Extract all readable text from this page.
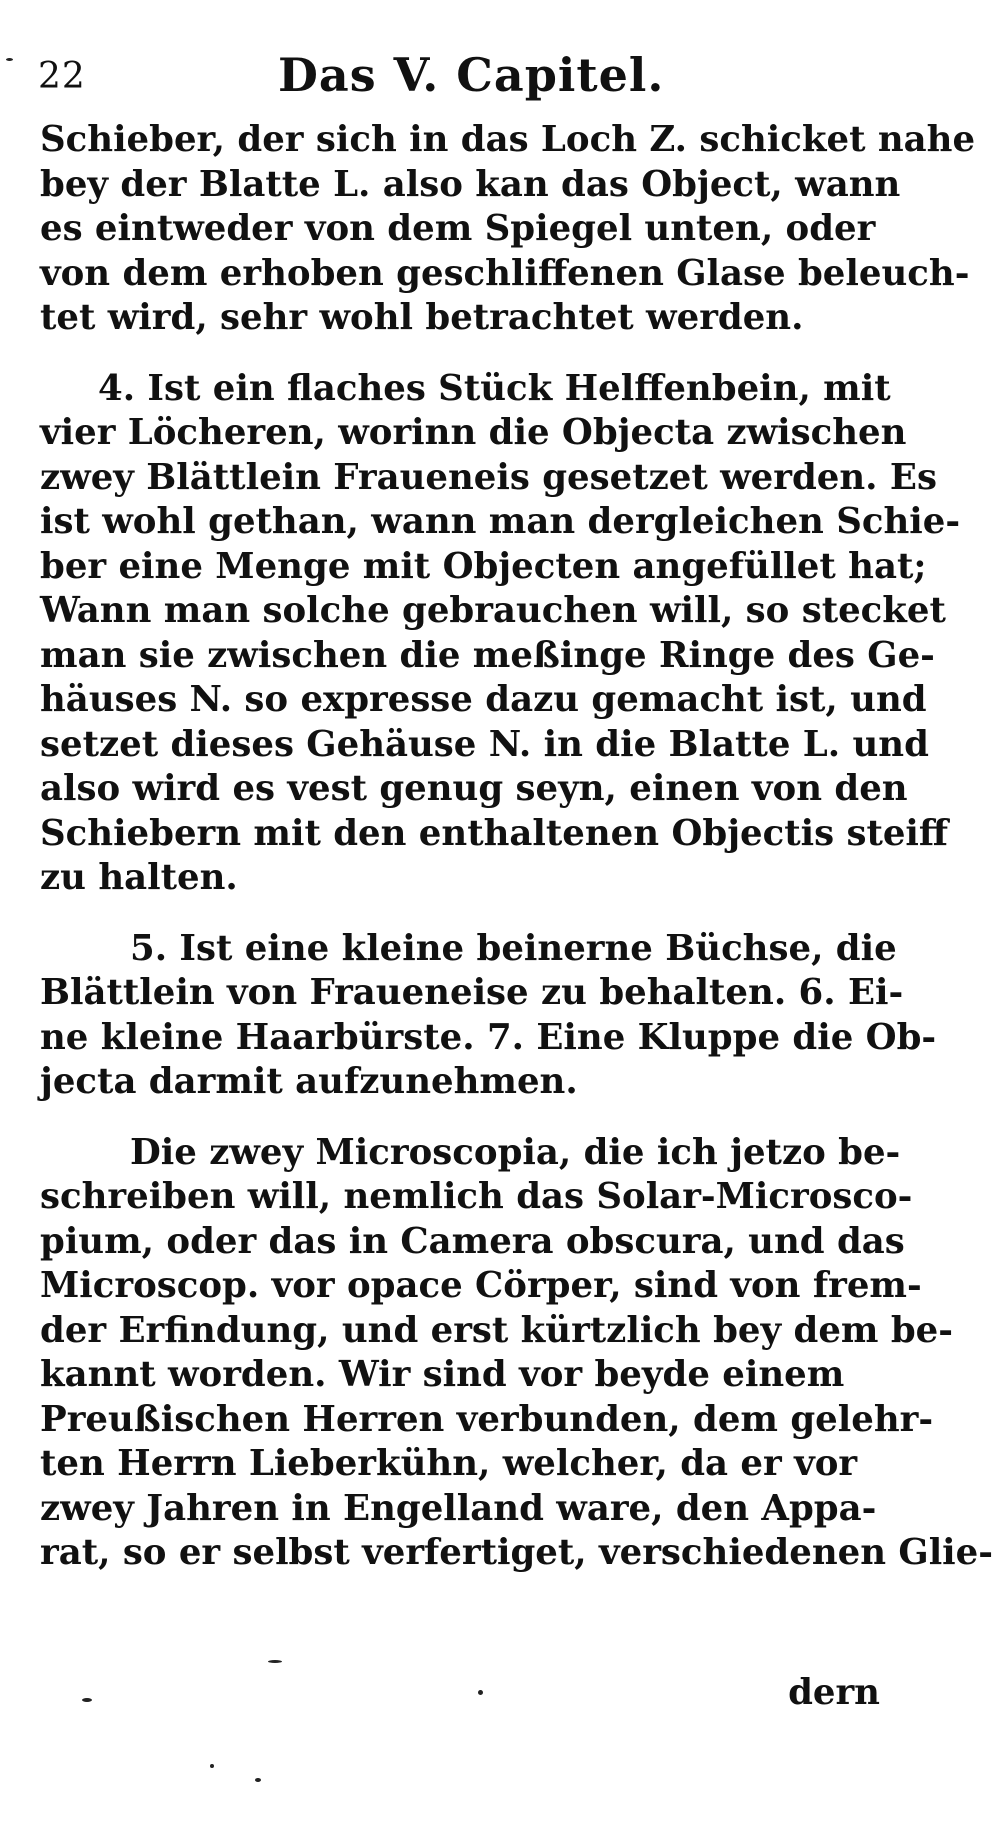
22	Das V. Capitel.
Schieber, der sich in das Loch Z. schicket nahe
bey der Blatte L. also kan das Object, wann
es eintweder von dem Spiegel unten, oder
von dem erhoben geschliffenen Glase beleuch-
tet wird, sehr wohl betrachtet werden.
4. Ist ein flaches Stück Helffenbein, mit
vier Löcheren, worinn die Objecta zwischen
zwey Blättlein Fraueneis gesetzet werden. Es
ist wohl gethan, wann man dergleichen Schie-
ber eine Menge mit Objecten angefüllet hat;
Wann man solche gebrauchen will, so stecket
man sie zwischen die meßinge Ringe des Ge-
häuses N. so expresse dazu gemacht ist, und
setzet dieses Gehäuse N. in die Blatte L. und
also wird es vest genug seyn, einen von den
Schiebern mit den enthaltenen Objectis steiff
zu halten.
5. Ist eine kleine beinerne Büchse, die
Blättlein von Fraueneise zu behalten. 6. Ei-
ne kleine Haarbürste. 7. Eine Kluppe die Ob-
jecta darmit aufzunehmen.
Die zwey Microscopia, die ich jetzo be-
schreiben will, nemlich das Solar-Microsco-
pium, oder das in Camera obscura, und das
Microscop. vor opace Cörper, sind von frem-
der Erfindung, und erst kürtzlich bey dem be-
kannt worden. Wir sind vor beyde einem
Preußischen Herren verbunden, dem gelehr-
ten Herrn Lieberkühn, welcher, da er vor
zwey Jahren in Engelland ware, den Appa-
rat, so er selbst verfertiget, verschiedenen Glie-
dern
